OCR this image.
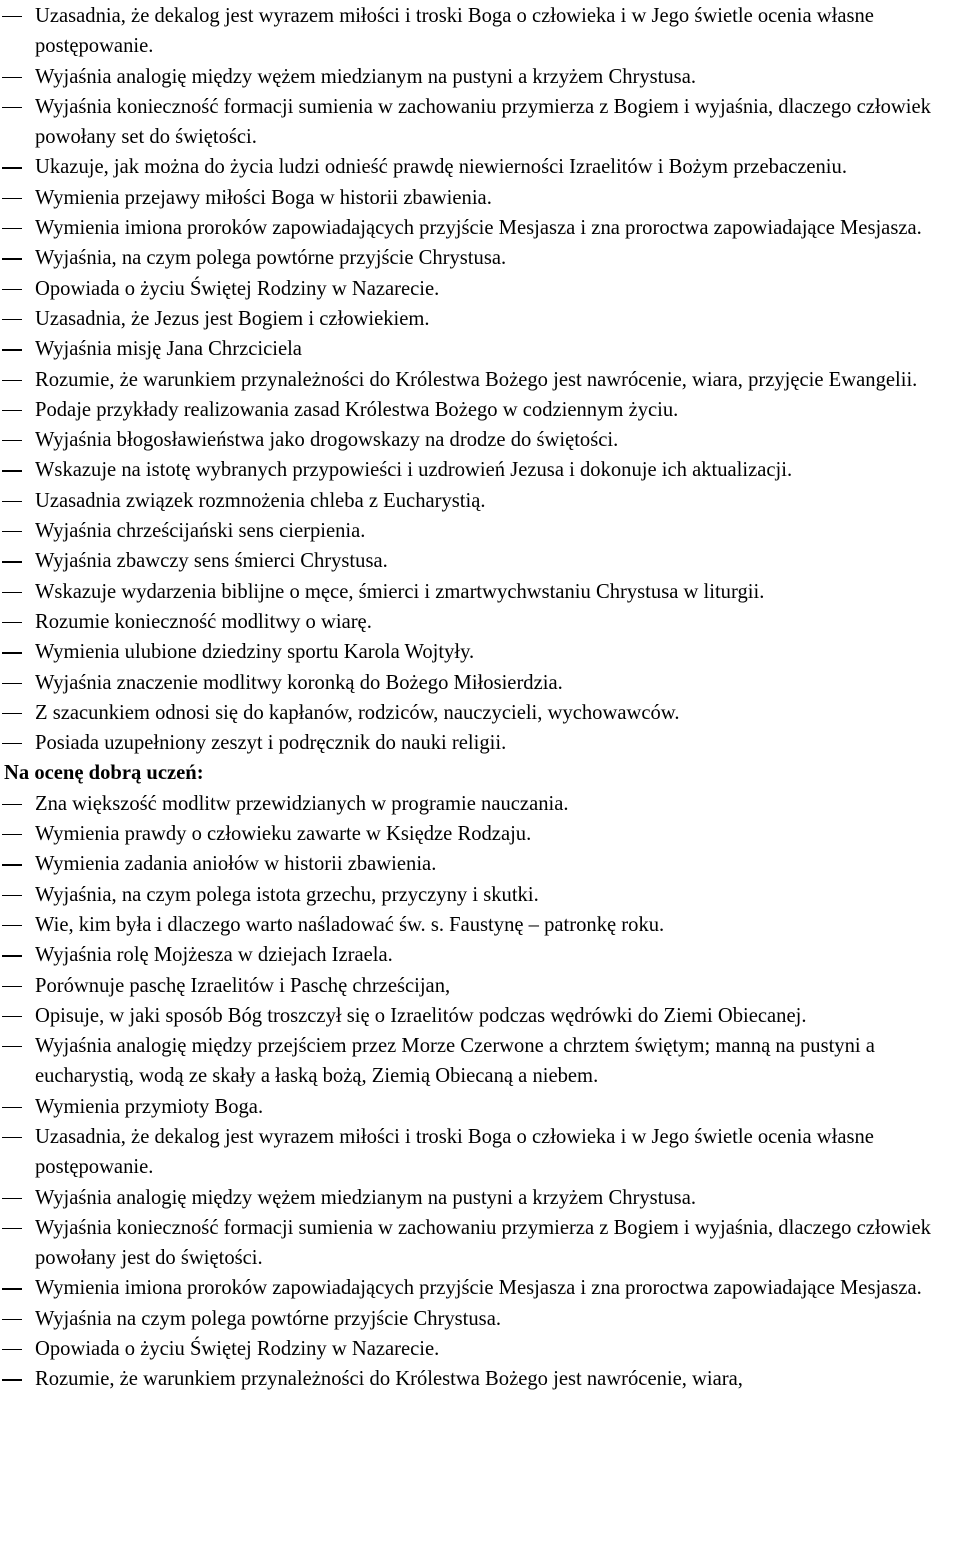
Uzasadnia, że dekalog jest wyrazem miłości i troski Boga o człowieka i w Jego świetle ocenia własne postępowanie.
Wyjaśnia analogię między wężem miedzianym na pustyni a krzyżem Chrystusa.
Wyjaśnia konieczność formacji sumienia w zachowaniu przymierza z Bogiem i wyjaśnia, dlaczego człowiek powołany set do świętości.
Ukazuje, jak można do życia ludzi odnieść prawdę niewierności Izraelitów i Bożym przebaczeniu.
Wymienia przejawy miłości Boga w historii zbawienia.
Wymienia imiona proroków zapowiadających przyjście Mesjasza i zna proroctwa zapowiadające Mesjasza.
Wyjaśnia, na czym polega powtórne przyjście Chrystusa.
Opowiada o życiu Świętej Rodziny w Nazarecie.
Uzasadnia, że Jezus jest Bogiem i człowiekiem.
Wyjaśnia misję Jana Chrzciciela
Rozumie, że warunkiem przynależności do Królestwa Bożego jest nawrócenie, wiara, przyjęcie Ewangelii.
Podaje przykłady realizowania zasad Królestwa Bożego w codziennym życiu.
Wyjaśnia błogosławieństwa jako drogowskazy na drodze do świętości.
Wskazuje na istotę wybranych przypowieści i uzdrowień Jezusa i dokonuje ich aktualizacji.
Uzasadnia związek rozmnożenia chleba z Eucharystią.
Wyjaśnia chrześcijański sens cierpienia.
Wyjaśnia zbawczy sens śmierci Chrystusa.
Wskazuje wydarzenia biblijne o męce, śmierci i zmartwychwstaniu Chrystusa w liturgii.
Rozumie konieczność modlitwy o wiarę.
Wymienia ulubione dziedziny sportu Karola Wojtyły.
Wyjaśnia znaczenie modlitwy koronką do Bożego Miłosierdzia.
Z szacunkiem odnosi się do kapłanów, rodziców, nauczycieli, wychowawców.
Posiada uzupełniony zeszyt i podręcznik do nauki religii.
Na ocenę dobrą uczeń:
Zna większość modlitw przewidzianych w programie nauczania.
Wymienia prawdy o człowieku zawarte w Księdze Rodzaju.
Wymienia zadania aniołów w historii zbawienia.
Wyjaśnia, na czym polega istota grzechu, przyczyny i skutki.
Wie, kim była i dlaczego warto naśladować św. s. Faustynę – patronkę roku.
Wyjaśnia rolę Mojżesza w dziejach Izraela.
Porównuje paschę Izraelitów i Paschę chrześcijan,
Opisuje, w jaki sposób Bóg troszczył się o Izraelitów podczas wędrówki do Ziemi Obiecanej.
Wyjaśnia analogię między przejściem przez Morze Czerwone a chrztem świętym; manną na pustyni a eucharystią, wodą ze skały a łaską bożą, Ziemią Obiecaną a niebem.
Wymienia przymioty Boga.
Uzasadnia, że dekalog jest wyrazem miłości i troski Boga o człowieka i w Jego świetle ocenia własne postępowanie.
Wyjaśnia analogię między wężem miedzianym na pustyni a krzyżem Chrystusa.
Wyjaśnia konieczność formacji sumienia w zachowaniu przymierza z Bogiem i wyjaśnia, dlaczego człowiek powołany jest do świętości.
Wymienia imiona proroków zapowiadających przyjście Mesjasza i zna proroctwa zapowiadające Mesjasza.
Wyjaśnia na czym polega powtórne przyjście Chrystusa.
Opowiada o życiu Świętej Rodziny w Nazarecie.
Rozumie, że warunkiem przynależności do Królestwa Bożego jest nawrócenie, wiara,
